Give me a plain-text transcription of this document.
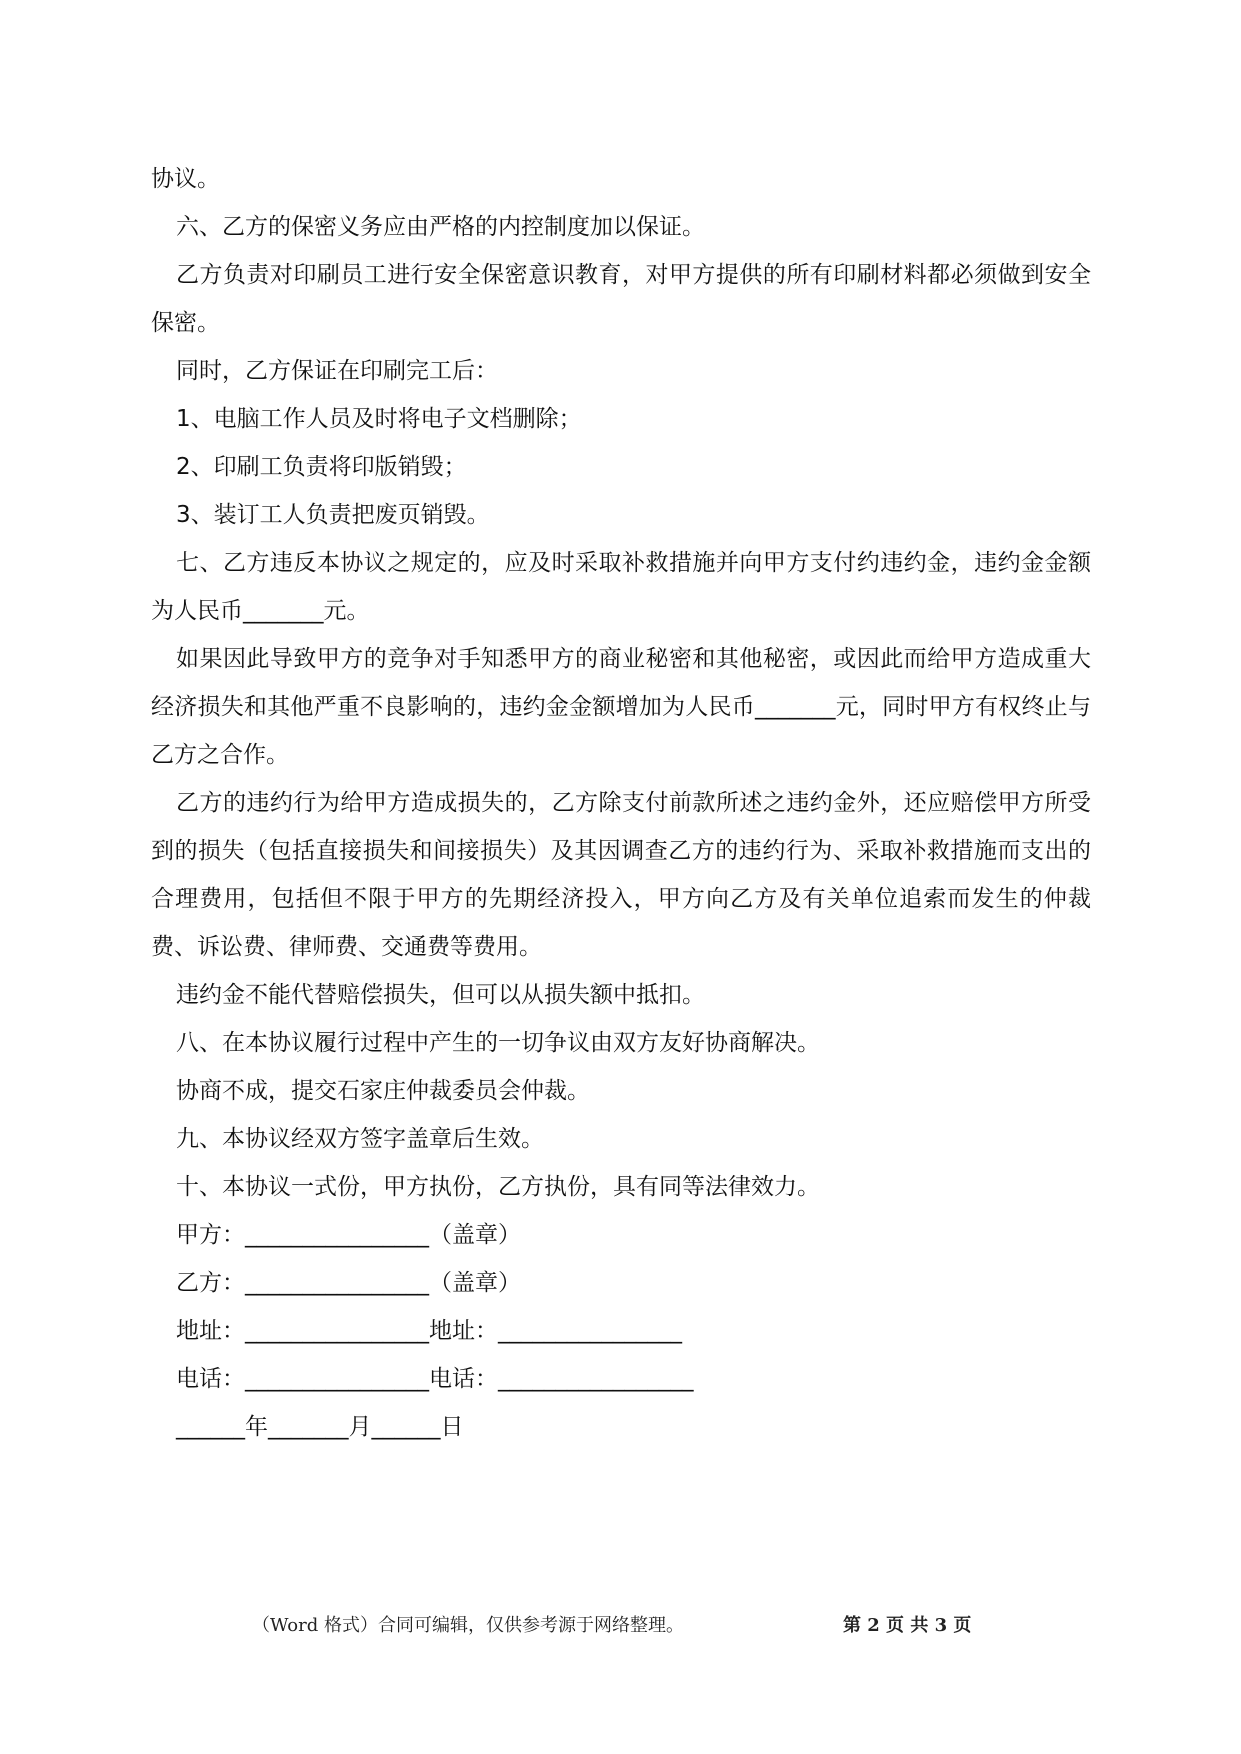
协议。

六、乙方的保密义务应由严格的内控制度加以保证。

乙方负责对印刷员工进行安全保密意识教育，对甲方提供的所有印刷材料都必须做到安全保密。

同时，乙方保证在印刷完工后：

1、电脑工作人员及时将电子文档删除；

2、印刷工负责将印版销毁；

3、装订工人负责把废页销毁。

七、乙方违反本协议之规定的，应及时采取补救措施并向甲方支付约违约金，违约金金额为人民币_______元。

如果因此导致甲方的竞争对手知悉甲方的商业秘密和其他秘密，或因此而给甲方造成重大经济损失和其他严重不良影响的，违约金金额增加为人民币_______元，同时甲方有权终止与乙方之合作。

乙方的违约行为给甲方造成损失的，乙方除支付前款所述之违约金外，还应赔偿甲方所受到的损失（包括直接损失和间接损失）及其因调查乙方的违约行为、采取补救措施而支出的合理费用，包括但不限于甲方的先期经济投入，甲方向乙方及有关单位追索而发生的仲裁费、诉讼费、律师费、交通费等费用。

违约金不能代替赔偿损失，但可以从损失额中抵扣。

八、在本协议履行过程中产生的一切争议由双方友好协商解决。

协商不成，提交石家庄仲裁委员会仲裁。

九、本协议经双方签字盖章后生效。

十、本协议一式份，甲方执份，乙方执份，具有同等法律效力。

甲方：________________（盖章）
乙方：________________（盖章）
地址：________________地址：________________
电话：________________电话：_________________
______年_______月______日
（Word 格式）合同可编辑，仅供参考源于网络整理。	第 2 页 共 3 页
